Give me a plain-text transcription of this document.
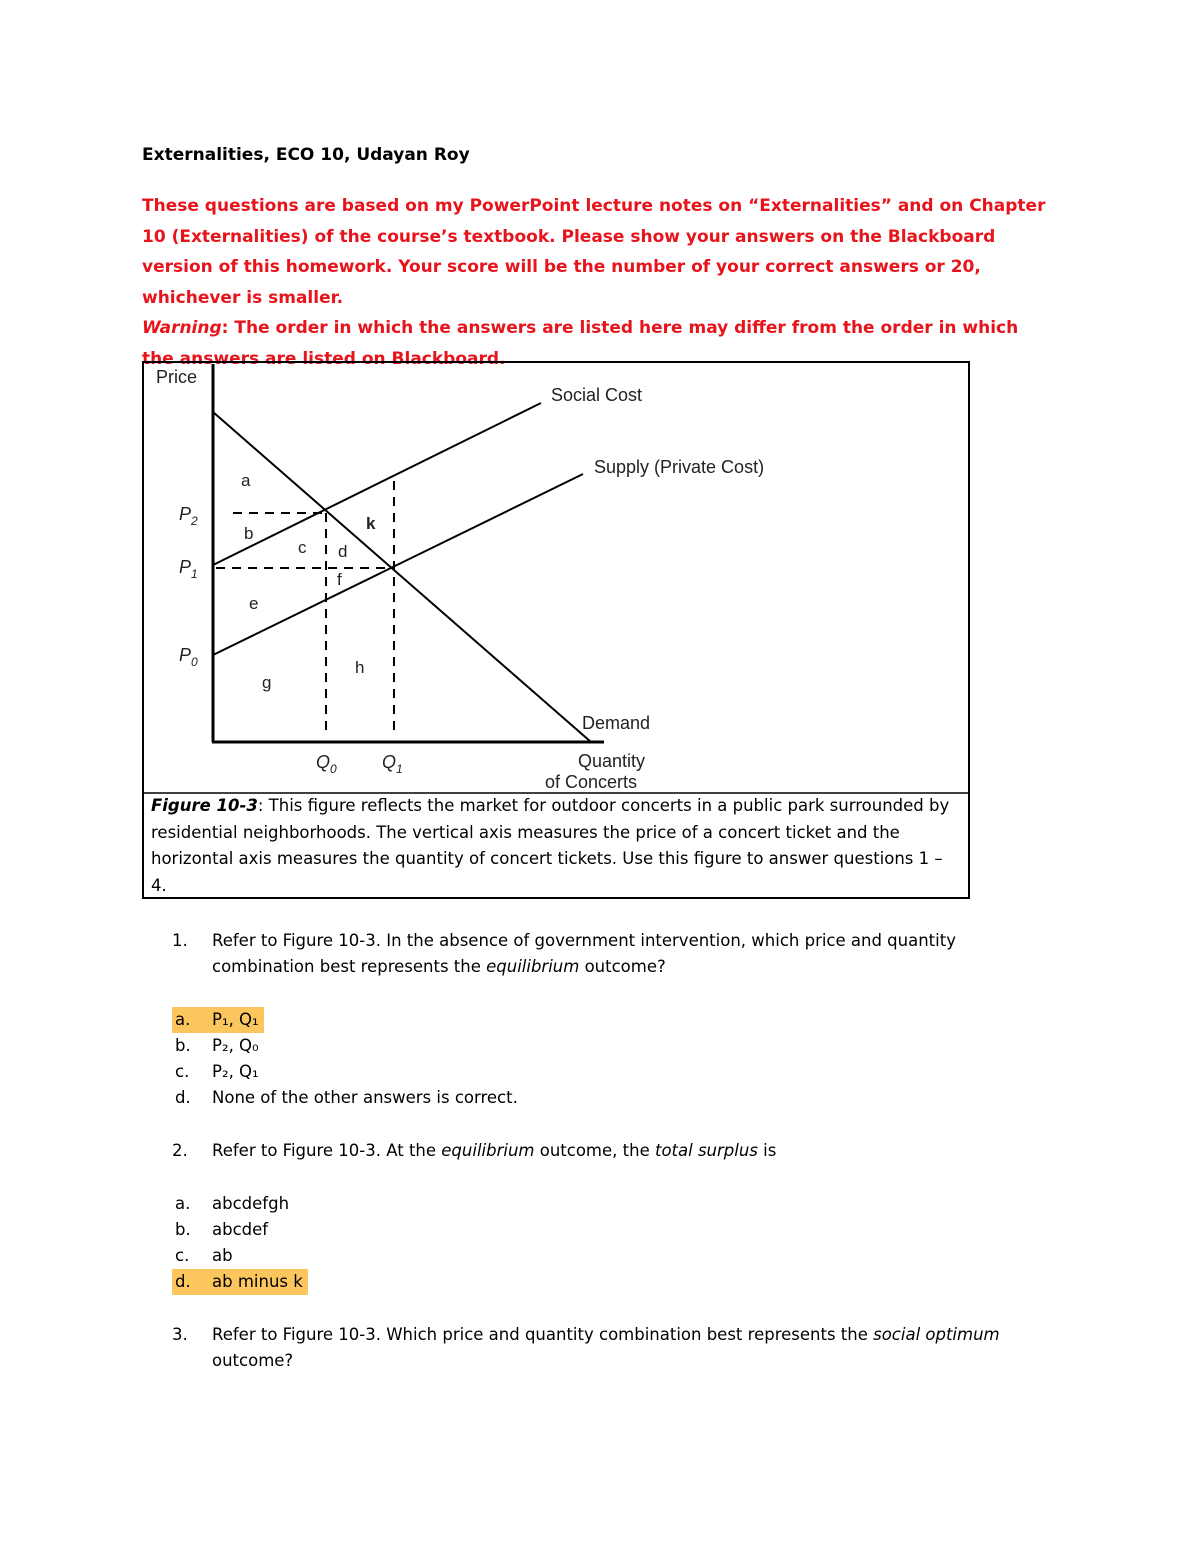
Externalities, ECO 10, Udayan Roy
These questions are based on my PowerPoint lecture notes on “Externalities” and on Chapter 10 (Externalities) of the course’s textbook. Please show your answers on the Blackboard version of this homework. Your score will be the number of your correct answers or 20, whichever is smaller.
Warning: The order in which the answers are listed here may differ from the order in which the answers are listed on Blackboard.
Price
Social Cost
Supply (Private Cost)
Demand
Quantity
of Concerts
$P_2$
$P_1$
$P_0$
$Q_0$	$Q_1$
a
b
c d
e
f
g
h
k
Figure 10-3: This figure reflects the market for outdoor concerts in a public park surrounded by residential neighborhoods. The vertical axis measures the price of a concert ticket and the horizontal axis measures the quantity of concert tickets. Use this figure to answer questions 1 – 4.
1. Refer to Figure 10-3. In the absence of government intervention, which price and quantity combination best represents the equilibrium outcome?
a. P₁, Q₁
b. P₂, Q₀
c. P₂, Q₁
d. None of the other answers is correct.
2. Refer to Figure 10-3. At the equilibrium outcome, the total surplus is
a. abcdefgh
b. abcdef
c. ab
d. ab minus k
3. Refer to Figure 10-3. Which price and quantity combination best represents the social optimum outcome?
